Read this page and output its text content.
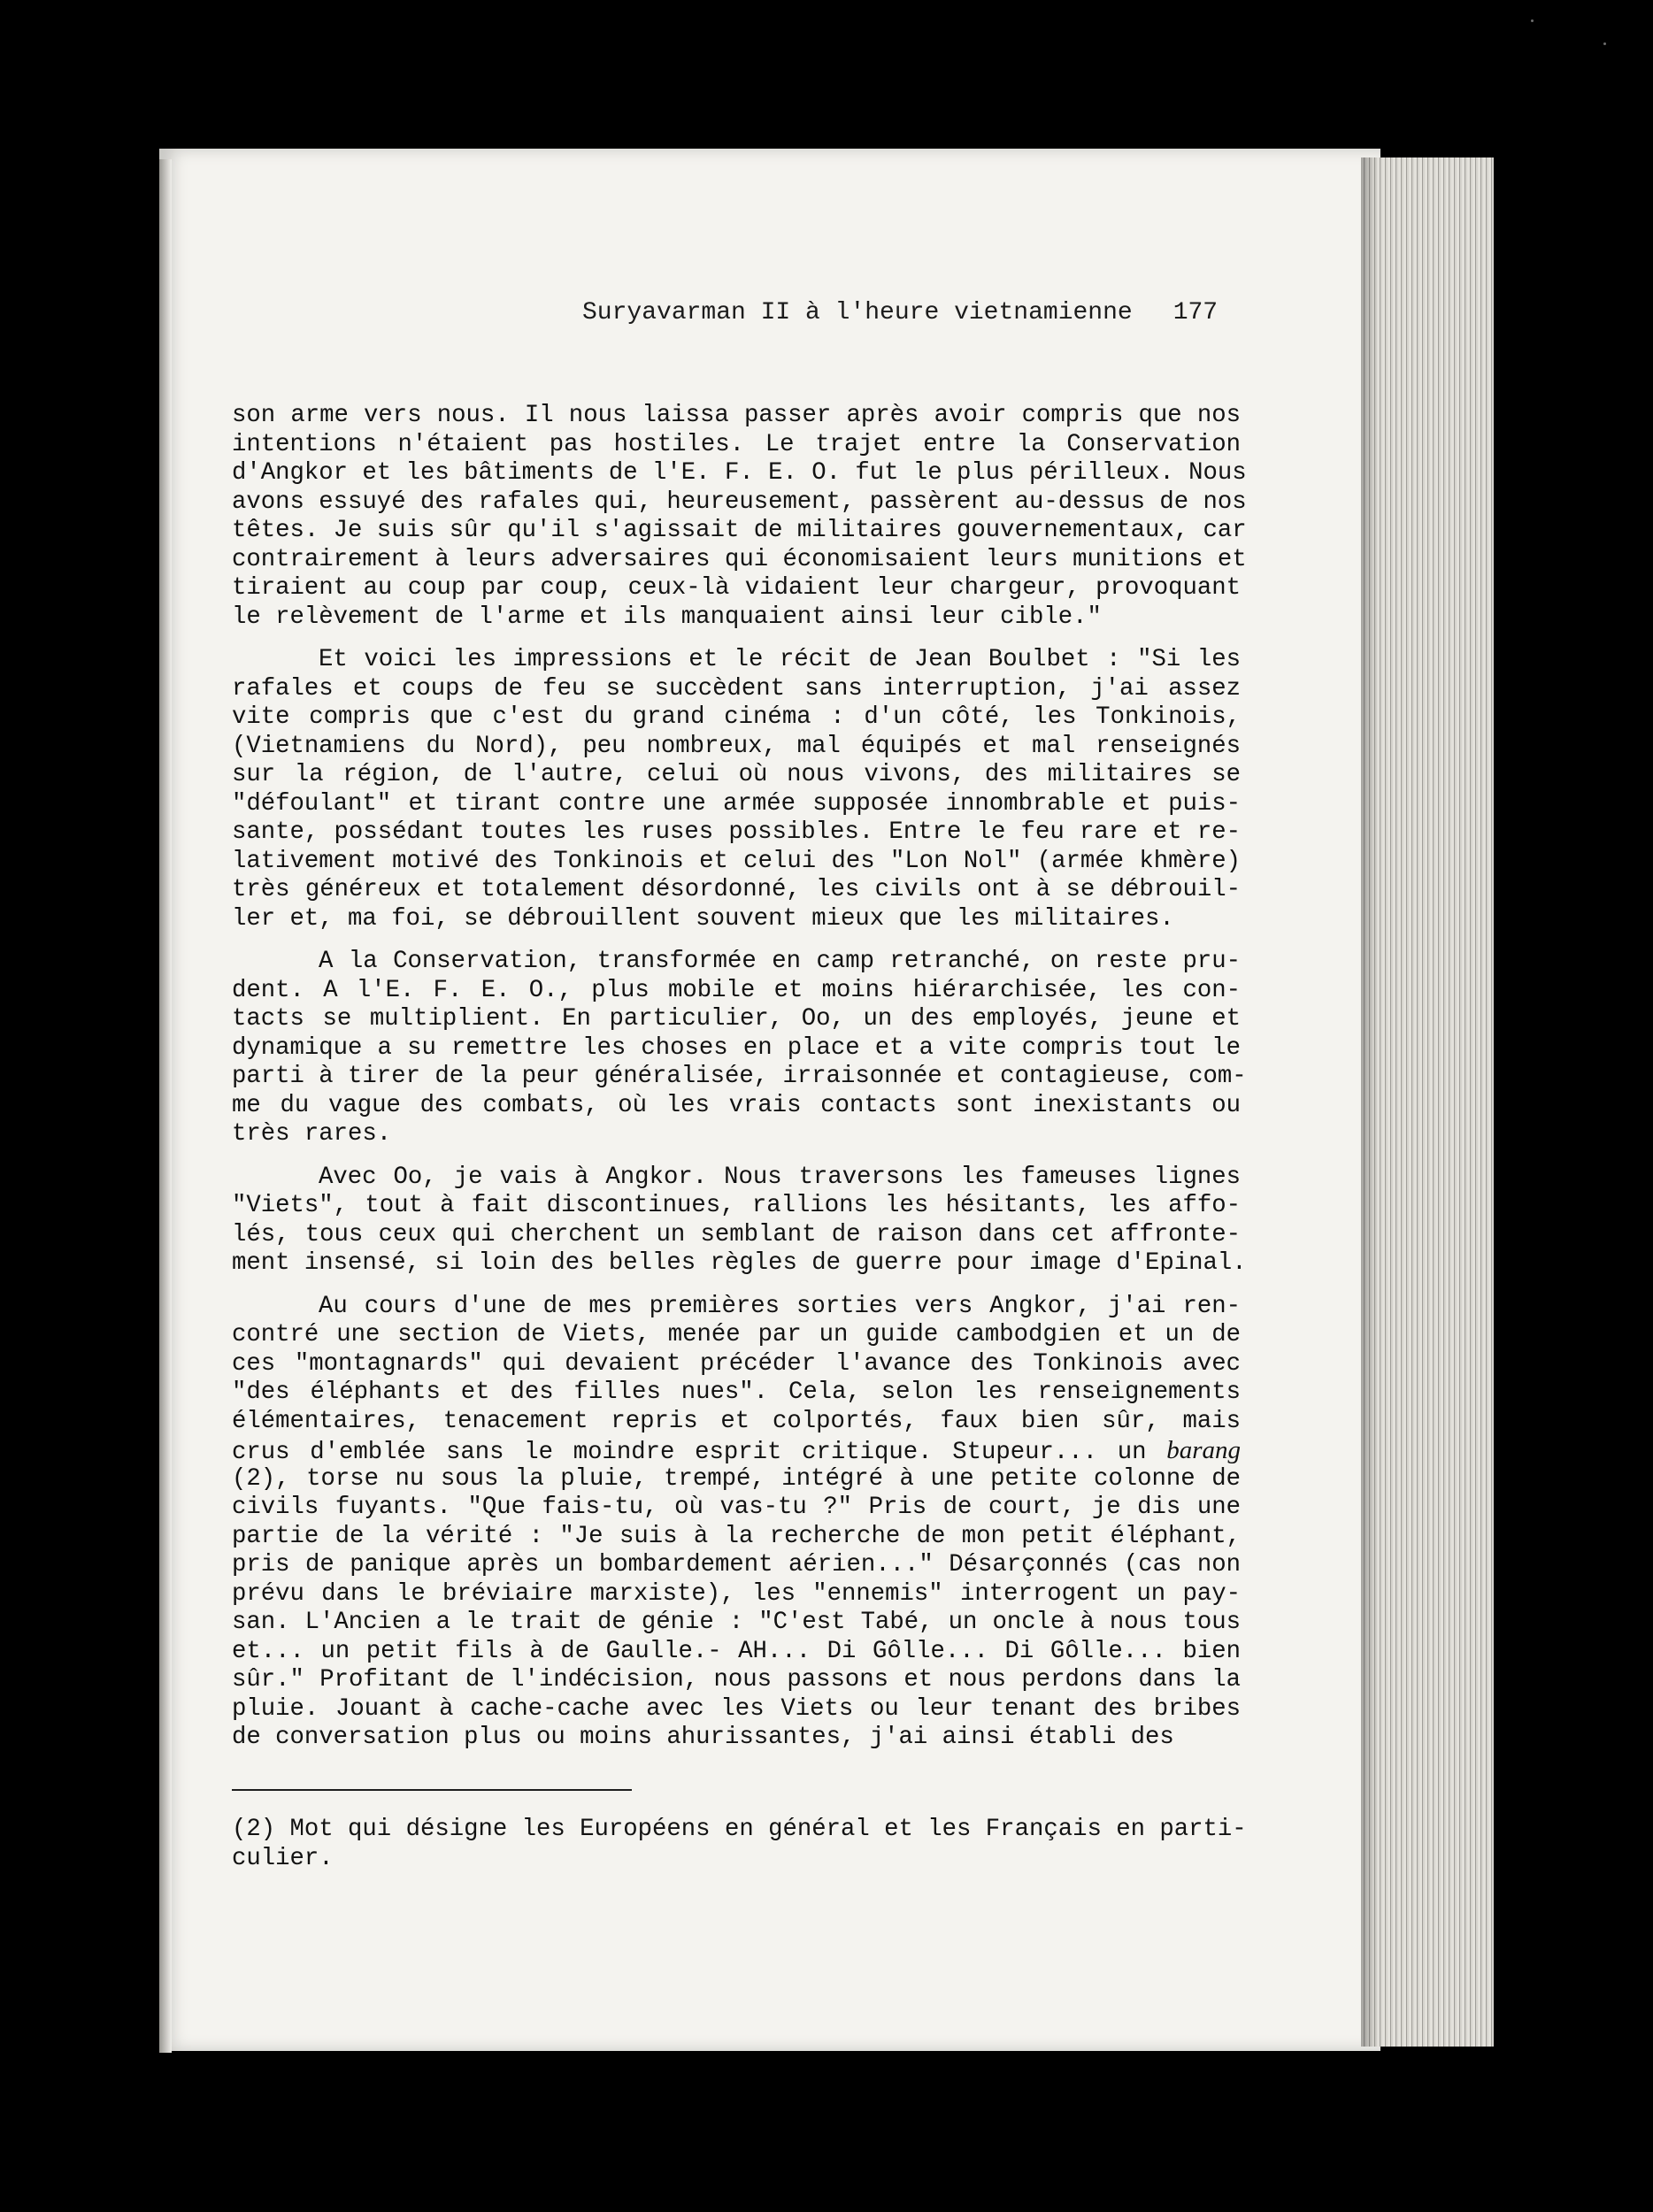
Suryavarman II à l'heure vietnamienne 177
son arme vers nous. Il nous laissa passer après avoir compris que nos
intentions n'étaient pas hostiles. Le trajet entre la Conservation
d'Angkor et les bâtiments de l'E. F. E. O. fut le plus périlleux. Nous
avons essuyé des rafales qui, heureusement, passèrent au-dessus de nos
têtes. Je suis sûr qu'il s'agissait de militaires gouvernementaux, car
contrairement à leurs adversaires qui économisaient leurs munitions et
tiraient au coup par coup, ceux-là vidaient leur chargeur, provoquant
le relèvement de l'arme et ils manquaient ainsi leur cible."
Et voici les impressions et le récit de Jean Boulbet : "Si les
rafales et coups de feu se succèdent sans interruption, j'ai assez
vite compris que c'est du grand cinéma : d'un côté, les Tonkinois,
(Vietnamiens du Nord), peu nombreux, mal équipés et mal renseignés
sur la région, de l'autre, celui où nous vivons, des militaires se
"défoulant" et tirant contre une armée supposée innombrable et puis-
sante, possédant toutes les ruses possibles. Entre le feu rare et re-
lativement motivé des Tonkinois et celui des "Lon Nol" (armée khmère)
très généreux et totalement désordonné, les civils ont à se débrouil-
ler et, ma foi, se débrouillent souvent mieux que les militaires.
A la Conservation, transformée en camp retranché, on reste pru-
dent. A l'E. F. E. O., plus mobile et moins hiérarchisée, les con-
tacts se multiplient. En particulier, Oo, un des employés, jeune et
dynamique a su remettre les choses en place et a vite compris tout le
parti à tirer de la peur généralisée, irraisonnée et contagieuse, com-
me du vague des combats, où les vrais contacts sont inexistants ou
très rares.
Avec Oo, je vais à Angkor. Nous traversons les fameuses lignes
"Viets", tout à fait discontinues, rallions les hésitants, les affo-
lés, tous ceux qui cherchent un semblant de raison dans cet affronte-
ment insensé, si loin des belles règles de guerre pour image d'Epinal.
Au cours d'une de mes premières sorties vers Angkor, j'ai ren-
contré une section de Viets, menée par un guide cambodgien et un de
ces "montagnards" qui devaient précéder l'avance des Tonkinois avec
"des éléphants et des filles nues". Cela, selon les renseignements
élémentaires, tenacement repris et colportés, faux bien sûr, mais
crus d'emblée sans le moindre esprit critique. Stupeur... un barang
(2), torse nu sous la pluie, trempé, intégré à une petite colonne de
civils fuyants. "Que fais-tu, où vas-tu ?" Pris de court, je dis une
partie de la vérité : "Je suis à la recherche de mon petit éléphant,
pris de panique après un bombardement aérien..." Désarçonnés (cas non
prévu dans le bréviaire marxiste), les "ennemis" interrogent un pay-
san. L'Ancien a le trait de génie : "C'est Tabé, un oncle à nous tous
et... un petit fils à de Gaulle.- AH... Di Gôlle... Di Gôlle... bien
sûr." Profitant de l'indécision, nous passons et nous perdons dans la
pluie. Jouant à cache-cache avec les Viets ou leur tenant des bribes
de conversation plus ou moins ahurissantes, j'ai ainsi établi des
(2) Mot qui désigne les Européens en général et les Français en parti-
culier.
